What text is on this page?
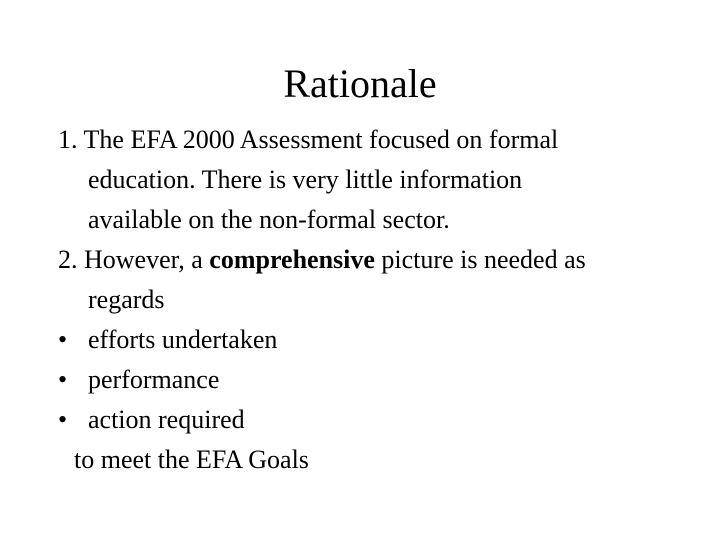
Rationale
1. The EFA 2000 Assessment focused on formal
education. There is very little information
available on the non-formal sector.
2. However, a comprehensive picture is needed as
regards
• efforts undertaken
• performance
• action required
to meet the EFA Goals
